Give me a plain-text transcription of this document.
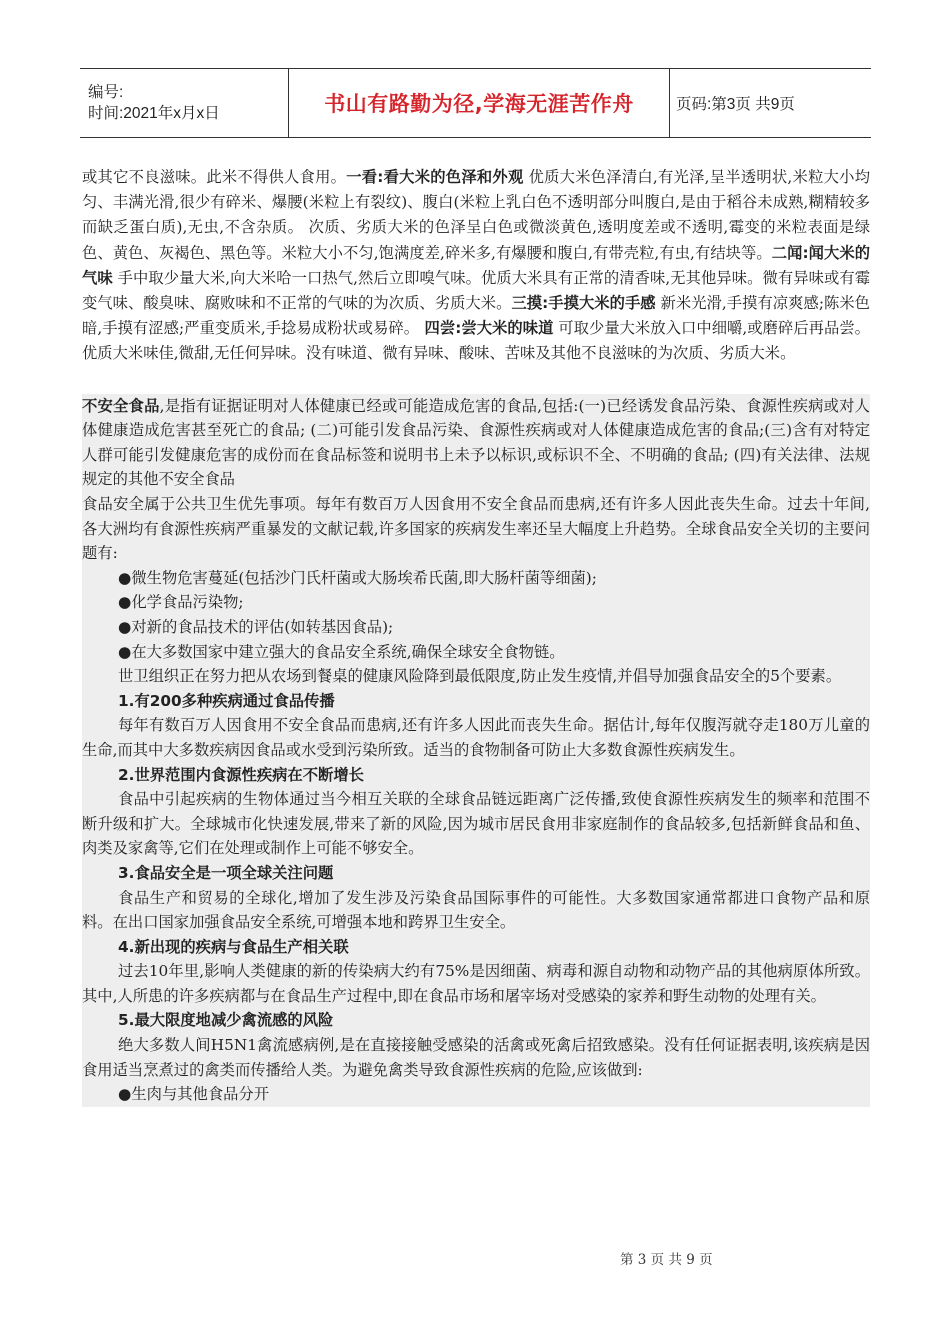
编号:
时间:2021年x月x日	书山有路勤为径,学海无涯苦作舟	页码:第3页 共9页

或其它不良滋味。此米不得供人食用。一看:看大米的色泽和外观 优质大米色泽清白,有光泽,呈半透明状,米粒大小均匀、丰满光滑,很少有碎米、爆腰(米粒上有裂纹)、腹白(米粒上乳白色不透明部分叫腹白,是由于稻谷未成熟,糊精较多而缺乏蛋白质),无虫,不含杂质。 次质、劣质大米的色泽呈白色或微淡黄色,透明度差或不透明,霉变的米粒表面是绿色、黄色、灰褐色、黑色等。米粒大小不匀,饱满度差,碎米多,有爆腰和腹白,有带壳粒,有虫,有结块等。二闻:闻大米的气味 手中取少量大米,向大米哈一口热气,然后立即嗅气味。优质大米具有正常的清香味,无其他异味。微有异味或有霉变气味、酸臭味、腐败味和不正常的气味的为次质、劣质大米。三摸:手摸大米的手感 新米光滑,手摸有凉爽感;陈米色暗,手摸有涩感;严重变质米,手捻易成粉状或易碎。 四尝:尝大米的味道 可取少量大米放入口中细嚼,或磨碎后再品尝。优质大米味佳,微甜,无任何异味。没有味道、微有异味、酸味、苦味及其他不良滋味的为次质、劣质大米。

不安全食品,是指有证据证明对人体健康已经或可能造成危害的食品,包括:(一)已经诱发食品污染、食源性疾病或对人体健康造成危害甚至死亡的食品; (二)可能引发食品污染、食源性疾病或对人体健康造成危害的食品;(三)含有对特定人群可能引发健康危害的成份而在食品标签和说明书上未予以标识,或标识不全、不明确的食品; (四)有关法律、法规规定的其他不安全食品
食品安全属于公共卫生优先事项。每年有数百万人因食用不安全食品而患病,还有许多人因此丧失生命。过去十年间,各大洲均有食源性疾病严重暴发的文献记载,许多国家的疾病发生率还呈大幅度上升趋势。全球食品安全关切的主要问题有:
●微生物危害蔓延(包括沙门氏杆菌或大肠埃希氏菌,即大肠杆菌等细菌);
●化学食品污染物;
●对新的食品技术的评估(如转基因食品);
●在大多数国家中建立强大的食品安全系统,确保全球安全食物链。
世卫组织正在努力把从农场到餐桌的健康风险降到最低限度,防止发生疫情,并倡导加强食品安全的5个要素。
1.有200多种疾病通过食品传播
每年有数百万人因食用不安全食品而患病,还有许多人因此而丧失生命。据估计,每年仅腹泻就夺走180万儿童的生命,而其中大多数疾病因食品或水受到污染所致。适当的食物制备可防止大多数食源性疾病发生。
2.世界范围内食源性疾病在不断增长
食品中引起疾病的生物体通过当今相互关联的全球食品链远距离广泛传播,致使食源性疾病发生的频率和范围不断升级和扩大。全球城市化快速发展,带来了新的风险,因为城市居民食用非家庭制作的食品较多,包括新鲜食品和鱼、肉类及家禽等,它们在处理或制作上可能不够安全。
3.食品安全是一项全球关注问题
食品生产和贸易的全球化,增加了发生涉及污染食品国际事件的可能性。大多数国家通常都进口食物产品和原料。在出口国家加强食品安全系统,可增强本地和跨界卫生安全。
4.新出现的疾病与食品生产相关联
过去10年里,影响人类健康的新的传染病大约有75%是因细菌、病毒和源自动物和动物产品的其他病原体所致。其中,人所患的许多疾病都与在食品生产过程中,即在食品市场和屠宰场对受感染的家养和野生动物的处理有关。
5.最大限度地减少禽流感的风险
绝大多数人间H5N1禽流感病例,是在直接接触受感染的活禽或死禽后招致感染。没有任何证据表明,该疾病是因食用适当烹煮过的禽类而传播给人类。为避免禽类导致食源性疾病的危险,应该做到:
●生肉与其他食品分开
第 3 页 共 9 页
